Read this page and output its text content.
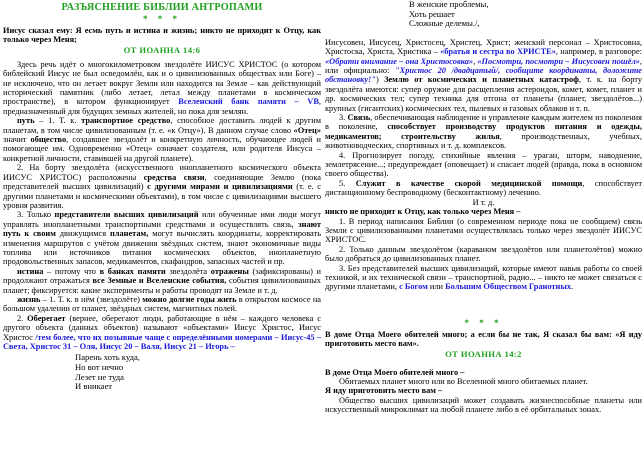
РАЗЪЯСНЕНИЕ БИБЛИИ АНТРОПАМИ
* * *

Иисус сказал ему: Я есмь путь и истина и жизнь; никто не приходит к Отцу, как только через Меня;

ОТ ИОАННА 14:6

Здесь речь идёт о многокилометровом звездолёте ИИСУС ХРИСТОС (о котором библейский Иисус не был осведомлён, как и о цивилизованных обществах или Боге) – не исключено, что он летает вокруг Земли или находится на Земле – как действующий исторический памятник (либо летает, летал между планетами в космическом пространстве), в котором функционирует Вселенский банк памяти – VB, предназначенный для будущих земных жителей, но пока для землян.

путь – 1. Т. к. транспортное средство, способное доставить людей к другим планетам, в том числе цивилизованным (т. е. «к Отцу»). В данном случае слово «Отец» значит общество, создавшее звездолёт и конкретную личность, обучающее людей и помогающее им. Одновременно «Отец» означает создателя, или родителя Иисуса – конкретной личности, ставившей на другой планете).

2. На борту звездолёта (искусственного инопланетного космического объекта ИИСУС ХРИСТОС) расположены средства связи, соединяющие Землю (пока представителей высших цивилизаций) с другими мирами и цивилизациями (т. е. с другими планетами и космическими объектами), в том числе с цивилизациями высшего уровня развития.

3. Только представители высших цивилизаций или обученные ими люди могут управлять инопланетными транспортными средствами и осуществлять связь, знают путь к своим движущимся планетам, могут вычислять координаты, корректировать изменения маршрутов с учётом движения звёздных систем, знают экономичные виды топлива или источников питания космических объектов, инопланетную продовольственных запасов, медикаментов, скафандров, запасных частей и пр.

истина – потому что в банках памяти звездолёта отражены (зафиксированы) и продолжают отражаться все Земные и Вселенские события, события цивилизованных планет; фиксируется: какие эксперименты и работы проводят на Земле и т. д.

жизнь – 1. Т. к. в нём (звездолёте) можно долгие годы жить в открытом космосе на большом удалении от планет, звёздных систем, магнитных полей.

2. Оберегает (вернее, оберегают люди, работающие в нём – каждого человека с другого объекта (данных объектов) называют «объектами» Иисус Христос, Иисус Христос /тем более, что их позывные чаще с определёнными номерами – Иисус-45 – Света, Христос 31 – Оля, Иисус 20 – Валя, Иисус 21 – Игорь –

Парень хоть куда,

Но вот нечно

Лезет не туда

И вникает

В женские проблемы,

Хоть решает

Сложные делемы./,

Иисусовен, Иисусец, Христосец, Христец, Христ; женский персонал – Христосовна, Христоска, Христа, Христика – «братья и сестра во ХРИСТЕ», например, в разговоре: «Обрати внимание – она Христосовка», «Посмотри, посмотри – Иисусовен пошёл», или официально: "Христос 20 /двадцатый/, сообщите координаты, доложите обстановку!") Землю от космических и планетных катастроф, т. к. на борту звездолёта имеются: супер оружие для расщепления астероидов, комет, комет, планет и др. космических тел; супер техника для отгона от планеты (планет, звездолётов...) крупных (гигантских) космических тел, пылевых и газовых облаков и т. п.

3. Связь, обеспечивающая наблюдение и управление каждым жителем из поколения в поколение, способствует производству продуктов питания и одежды, медикаментов; строительству жилья, производственных, учебных, животноводческих, спортивных и т. д. комплексов.

4. Прогнозирует погоду, стихийные явления – ураган, шторм, наводнение, землетрясение...; предупреждает (оповещает) и спасает людей (правда, пока в основном своего общества).

5. Служит в качестве скорой медицинской помощи, способствует дистанционному беспроводному (бесконтактному) лечению.

И т. д.

никто не приходит к Отцу, как только через Меня –

1. В период написания Библии (о современном периоде пока не сообщаем) связь Земли с цивилизованными планетами осуществлялась только через звездолёт ИИСУС ХРИСТОС.

2. Только данным звездолётом (караваном звездолётов или планетолётов) можно было добраться до цивилизованных планет.

3. Без представителей высших цивилизаций, которые имеют навык работы со своей техникой, и их технической связи – транспортной, радио... – никто не может связаться с другими планетами, с Богом или Большим Обществом Гранотных.

* * *

В доме Отца Моего обителей много; а если бы не так, Я сказал бы вам: «Я иду приготовить место вам».

ОТ ИОАННА 14:2

В доме Отца Моего обителей много –

Обитаемых планет много или во Вселенной много обитаемых планет.

Я иду приготовить место вам –

Общество высших цивилизаций может создавать жизнеспособные планеты или искусственный микроклимат на любой планете либо в её орбитальных зонах.
